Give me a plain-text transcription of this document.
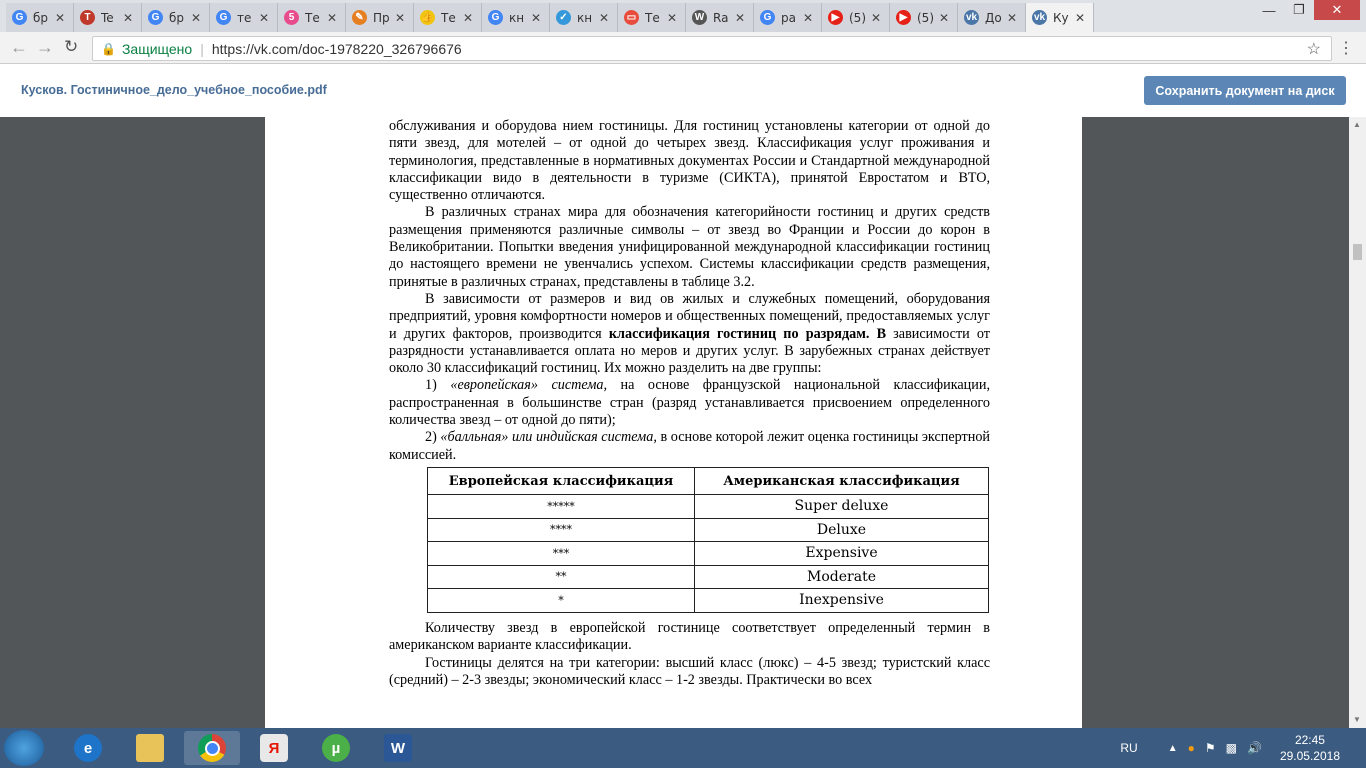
G бр ✕	Т Te ✕	G бр ✕	G те ✕	5 Те ✕	✎ Пр ✕ 👍 Те ✕	G кн ✕	✓ кн ✕ ▭ Те ✕ W Ra ✕	G ра ✕	▶ (5) ✕	▶ (5) ✕ vk До ✕ vk Ку ✕	—	❐	✕
← → ↻ 🔒 Защищено | https://vk.com/doc-1978220_326796676	☆ ⋮
Кусков. Гостиничное_дело_учебное_пособие.pdf	Сохранить документ на диск

обслуживания и оборудова нием гостиницы. Для гостиниц установлены категории от одной до пяти звезд, для мотелей – от одной до четырех звезд. Классификация услуг проживания и терминология, представленные в нормативных документах России и Стандартной международной классификации видо в деятельности в туризме (СИКТА), принятой Евростатом и ВТО, существенно отличаются.

В различных странах мира для обозначения категорийности гостиниц и других средств размещения применяются различные символы – от звезд во Франции и России до корон в Великобритании. Попытки введения унифицированной международной классификации гостиниц до настоящего времени не увенчались успехом. Системы классификации средств размещения, принятые в различных странах, представлены в таблице 3.2.

В зависимости от размеров и вид ов жилых и служебных помещений, оборудования предприятий, уровня комфортности номеров и общественных помещений, предоставляемых услуг и других факторов, производится классификация гостиниц по разрядам. В зависимости от разрядности устанавливается оплата но меров и других услуг. В зарубежных странах действует около 30 классификаций гостиниц. Их можно разделить на две группы:

1) «европейская» система, на основе французской национальной классификации, распространенная в большинстве стран (разряд устанавливается присвоением определенного количества звезд – от одной до пяти);

2) «балльная» или индийская система, в основе которой лежит оценка гостиницы экспертной комиссией.

Европейская классификация	Американская классификация
*****	Super deluxe
****	Deluxe
***	Expensive
**	Moderate
*	Inexpensive

Количеству звезд в европейской гостинице соответствует определенный термин в американском варианте классификации.

Гостиницы делятся на три категории: высший класс (люкс) – 4-5 звезд; туристский класс (средний) – 2-3 звезды; экономический класс – 1-2 звезды. Практически во всех

▲
▼
e	Я	µ	W	RU	▲ ● ⚑ ▩ 🔊
22:45
29.05.2018
